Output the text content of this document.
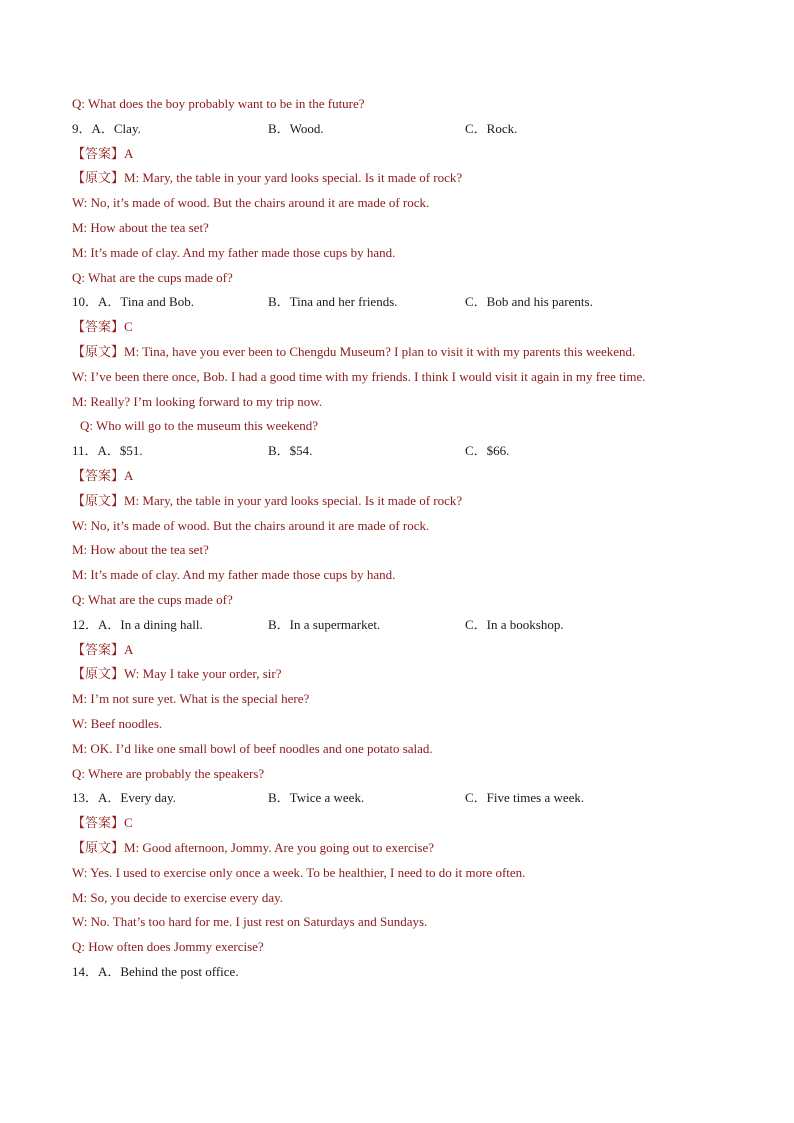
Q: What does the boy probably want to be in the future?
9．A．Clay.	B．Wood.	C．Rock.
【答案】A
【原文】M: Mary, the table in your yard looks special. Is it made of rock?
W: No, it’s made of wood. But the chairs around it are made of rock.
M: How about the tea set?
M: It’s made of clay. And my father made those cups by hand.
Q: What are the cups made of?
10．A．Tina and Bob.	B．Tina and her friends.	C．Bob and his parents.
【答案】C
【原文】M: Tina, have you ever been to Chengdu Museum? I plan to visit it with my parents this weekend.
W: I’ve been there once, Bob. I had a good time with my friends. I think I would visit it again in my free time.
M: Really? I’m looking forward to my trip now.
Q: Who will go to the museum this weekend?
11．A．$51.	B．$54.	C．$66.
【答案】A
【原文】M: Mary, the table in your yard looks special. Is it made of rock?
W: No, it’s made of wood. But the chairs around it are made of rock.
M: How about the tea set?
M: It’s made of clay. And my father made those cups by hand.
Q: What are the cups made of?
12．A．In a dining hall.	B．In a supermarket.	C．In a bookshop.
【答案】A
【原文】W: May I take your order, sir?
M: I’m not sure yet. What is the special here?
W: Beef noodles.
M: OK. I’d like one small bowl of beef noodles and one potato salad.
Q: Where are probably the speakers?
13．A．Every day.	B．Twice a week.	C．Five times a week.
【答案】C
【原文】M: Good afternoon, Jommy. Are you going out to exercise?
W: Yes. I used to exercise only once a week. To be healthier, I need to do it more often.
M: So, you decide to exercise every day.
W: No. That’s too hard for me. I just rest on Saturdays and Sundays.
Q: How often does Jommy exercise?
14．A．Behind the post office.
